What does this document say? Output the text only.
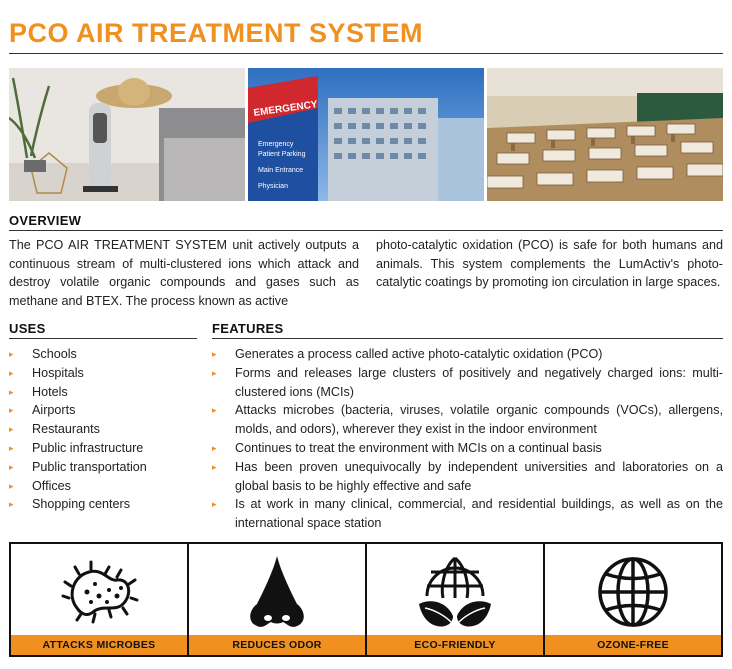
PCO AIR TREATMENT SYSTEM
EMERGENCY
Emergency
Patient Parking
Main Entrance
Physician
OVERVIEW

The PCO AIR TREATMENT SYSTEM unit actively outputs a continuous stream of multi-clustered ions which attack and destroy volatile organic compounds and gases such as methane and BTEX. The process known as active

photo-catalytic oxidation (PCO) is safe for both humans and animals. This system complements the LumActiv's photo-catalytic coatings by promoting ion circulation in large spaces.

USES	FEATURES
▸ Schools
▸ Hospitals
▸ Hotels
▸ Airports
▸ Restaurants
▸ Public infrastructure
▸ Public transportation
▸ Offices
▸ Shopping centers
▸ Generates a process called active photo-catalytic oxidation (PCO)
▸ Forms and releases large clusters of positively and negatively charged ions: multi-clustered ions (MCIs)
▸ Attacks microbes (bacteria, viruses, volatile organic compounds (VOCs), allergens, molds, and odors), wherever they exist in the indoor environment
▸ Continues to treat the environment with MCIs on a continual basis
▸ Has been proven unequivocally by independent universities and laboratories on a global basis to be highly effective and safe
▸ Is at work in many clinical, commercial, and residential buildings, as well as on the international space station
ATTACKS MICROBES	REDUCES ODOR	ECO-FRIENDLY	OZONE-FREE
